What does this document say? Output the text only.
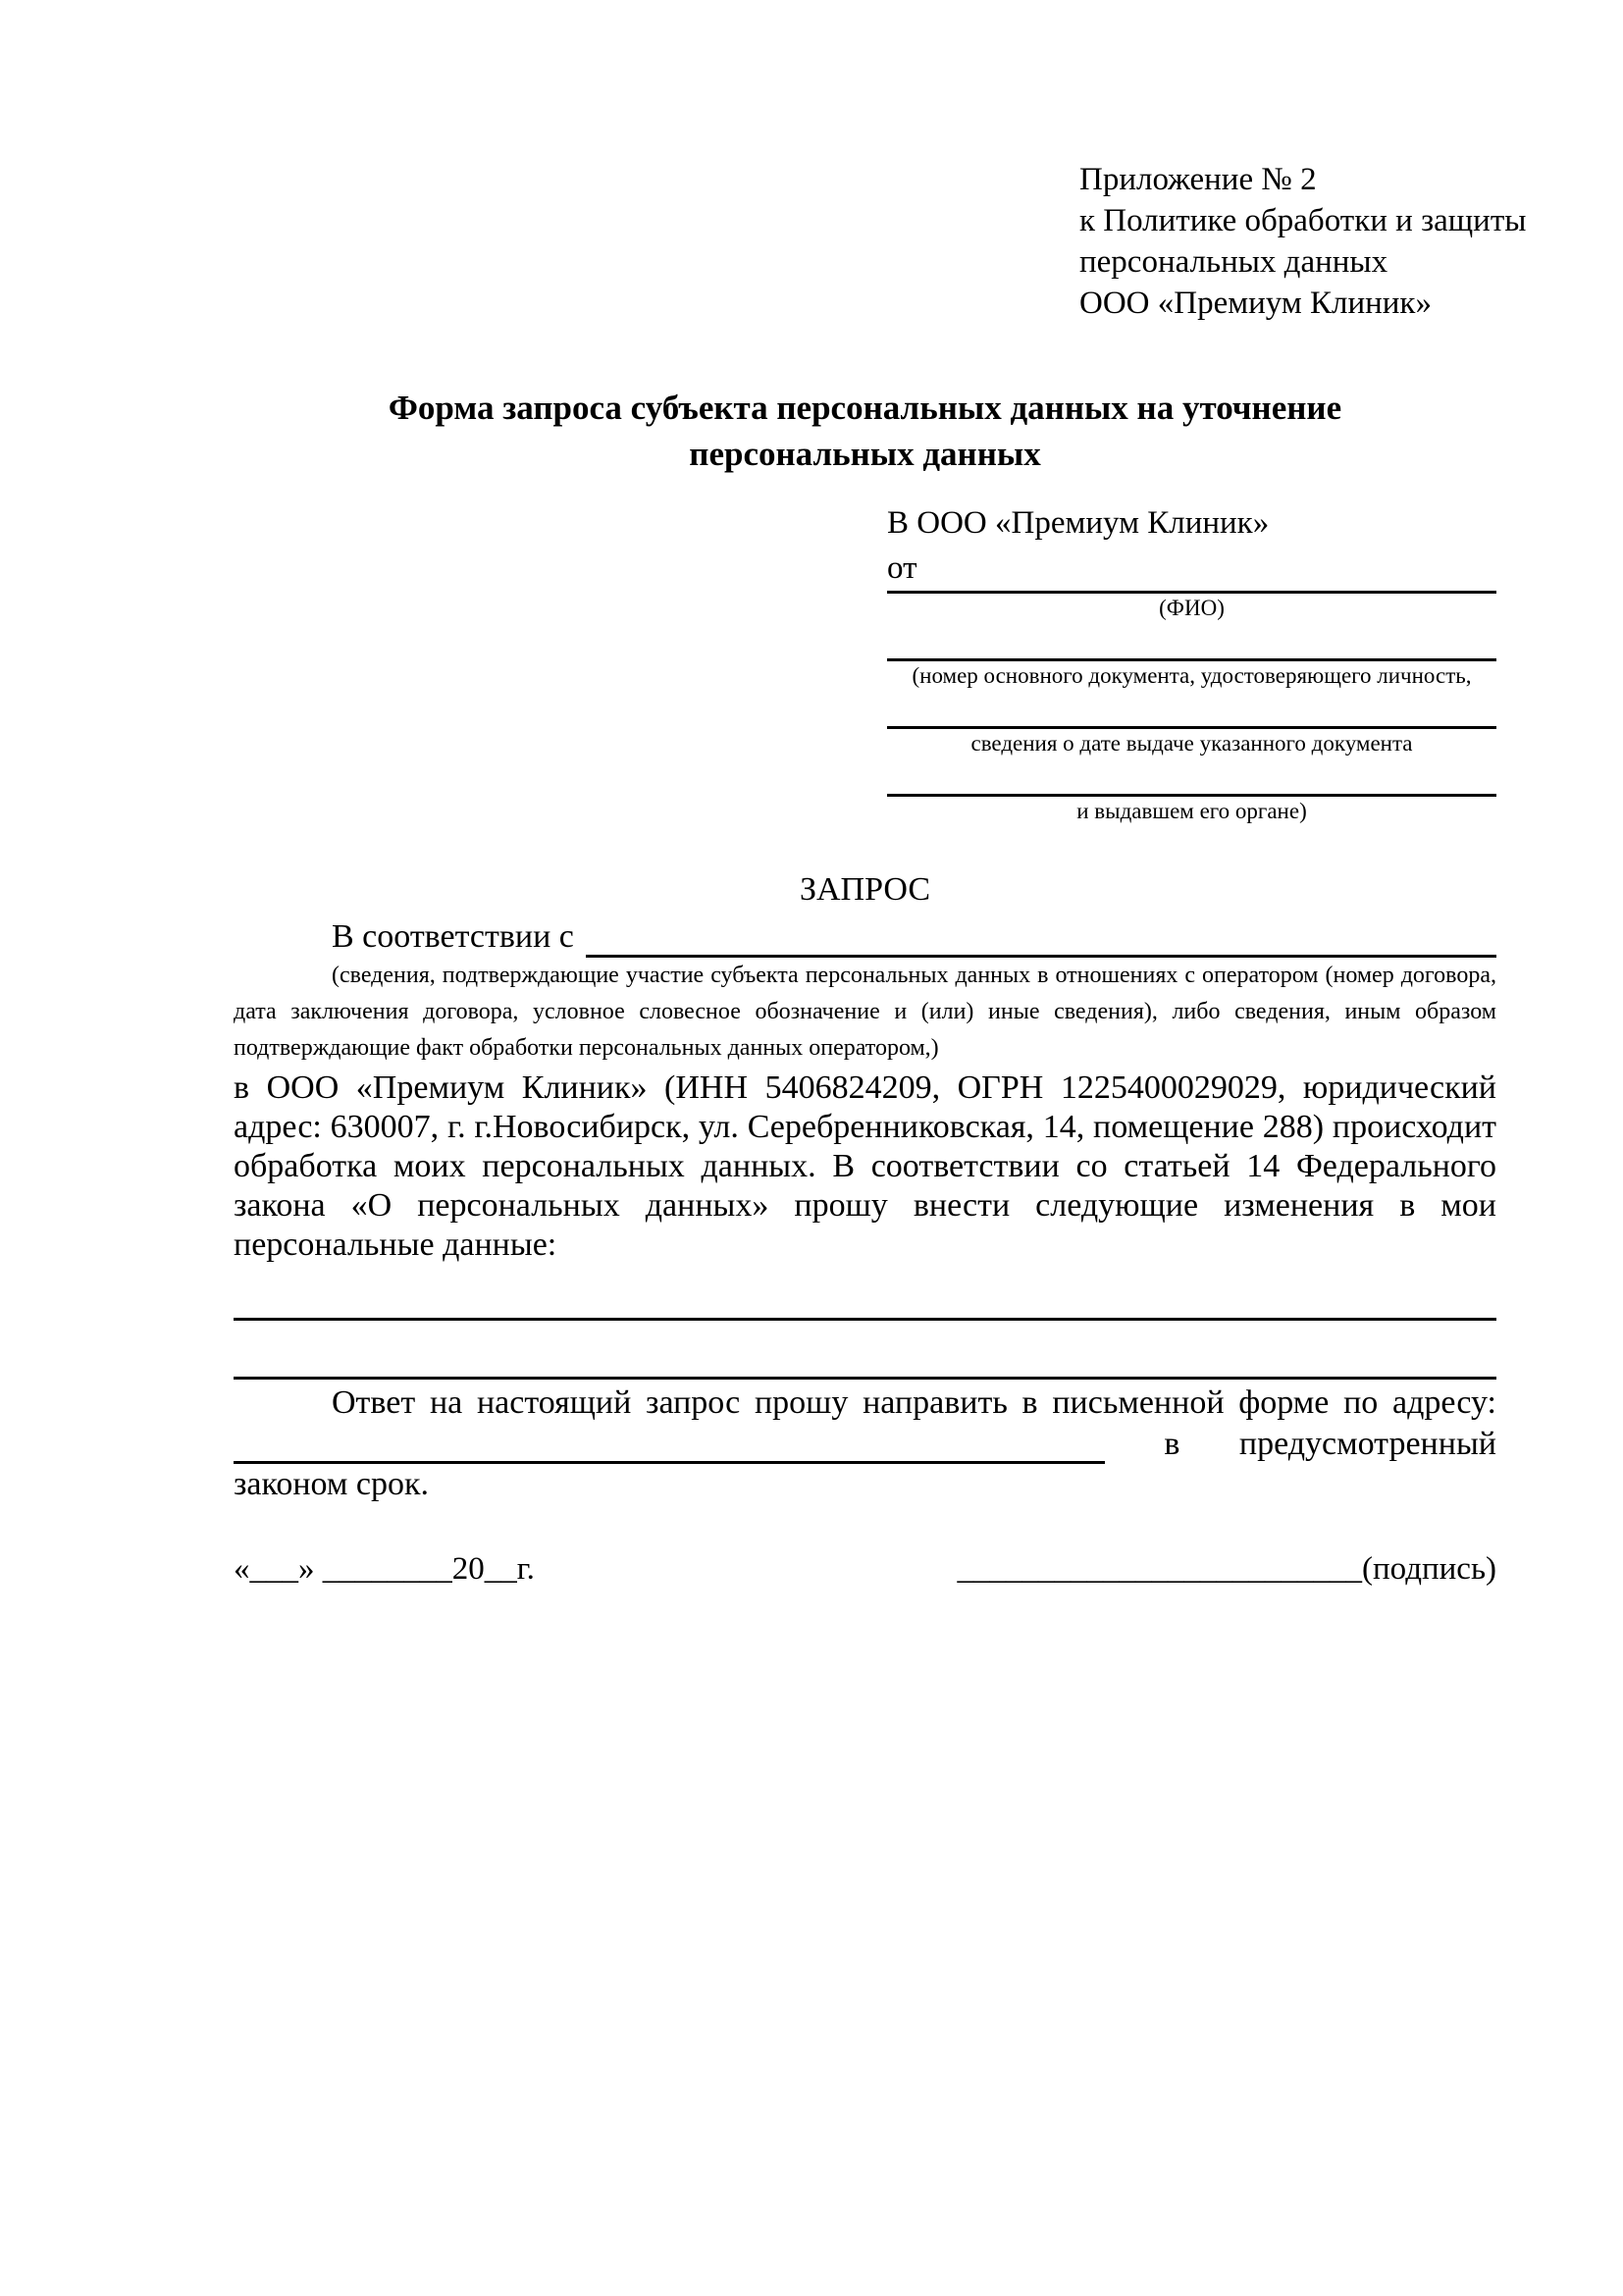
Приложение № 2
к Политике обработки и защиты
персональных данных
ООО «Премиум Клиник»
Форма запроса субъекта персональных данных на уточнение персональных данных
В ООО «Премиум Клиник»
от
(ФИО)
(номер основного документа, удостоверяющего личность,
сведения о дате выдаче указанного документа
и выдавшем его органе)
ЗАПРОС
В соответствии с
(сведения, подтверждающие участие субъекта персональных данных в отношениях с оператором (номер договора, дата заключения договора, условное словесное обозначение и (или) иные сведения), либо сведения, иным образом подтверждающие факт обработки персональных данных оператором,)
в ООО «Премиум Клиник» (ИНН 5406824209, ОГРН 1225400029029, юридический адрес: 630007, г. г.Новосибирск, ул. Серебренниковская, 14, помещение 288) происходит обработка моих персональных данных. В соответствии со статьей 14 Федерального закона «О персональных данных» прошу внести следующие изменения в мои персональные данные:
Ответ на настоящий запрос прошу направить в письменной форме по адресу:
в предусмотренный
законом срок.
«___» ________20__г.	_________________________(подпись)
